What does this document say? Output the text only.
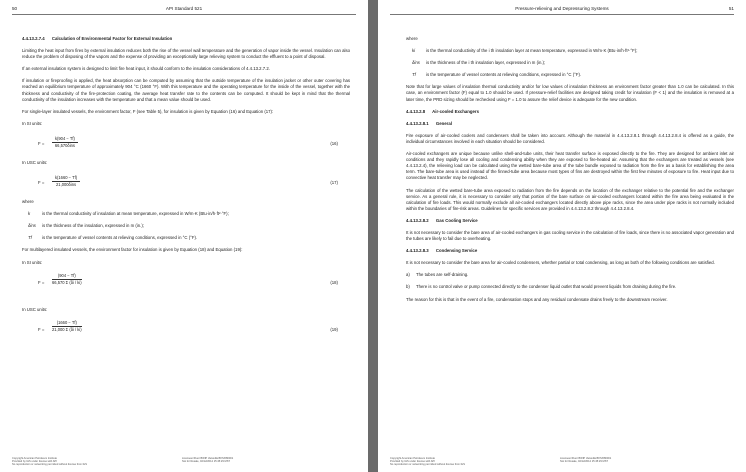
50	API Standard 521
4.4.13.2.7.4 Calculation of Environmental Factor for External Insulation

Limiting the heat input from fires by external insulation reduces both the rise of the vessel wall temperature and the generation of vapor inside the vessel. Insulation can also reduce the problem of disposing of the vapors and the expense of providing an exceptionally large relieving system to conduct the effluent to a point of disposal.

If an external insulation system is designed to limit fire heat input, it should conform to the insulation considerations of 4.4.13.2.7.2.

If insulation or fireproofing is applied, the heat absorption can be computed by assuming that the outside temperature of the insulation jacket or other outer covering has reached an equilibrium temperature of approximately 904 °C (1660 °F). With this temperature and the operating temperature for the inside of the vessel, together with the thickness and conductivity of the fire-protection coating, the average heat transfer rate to the contents can be computed. It should be kept in mind that the thermal conductivity of the insulation increases with the temperature and that a mean value should be used.

For single-layer insulated vessels, the environment factor, F (see Table 5), for insulation is given by Equation (16) and Equation (17):

In SI units:
F =
k(904 − Tf)
66,570δins	(16)
In USC units:
F =
k(1660 − Tf)
21,000δins	(17)
where
k	is the thermal conductivity of insulation at mean temperature, expressed in W/m·K (Btu·in/h·ft²·°F);
δins is the thickness of the insulation, expressed in m (in.);
Tf is the temperature of vessel contents at relieving conditions, expressed in °C (°F).

For multilayered insulated vessels, the environment factor for insulation is given by Equation (18) and Equation (19):

In SI units:
$F = \frac{(904 - Tf)}{66,570 \Sigma (\delta i / ki)}$	(18)
In USC units:
$F = \frac{(1660 - Tf)}{21,000 \Sigma (\delta i / ki)}$	(19)
Copyright American Petroleum Institute
Provided by IHS under license with API
No reproduction or networking permitted without license from IHS
Licensee=Fluor BWIP Vacaville/5972080001
Not for Resale, 02/12/2014 15:45:29 MST
Pressure-relieving and Depressuring Systems	51
where
ki	is the thermal conductivity of the i th insulation layer at mean temperature, expressed in W/m·K (Btu·in/h·ft²·°F);
δins is the thickness of the i th insulation layer, expressed in m (in.);
Tf is the temperature of vessel contents at relieving conditions, expressed in °C (°F).

Note that for large values of insulation thermal conductivity and/or for low values of insulation thickness an environment factor greater than 1.0 can be calculated. In this case, an environment factor (F) equal to 1.0 should be used. If pressure-relief facilities are designed taking credit for insulation (F < 1) and the insulation is removed at a later time, the PRD sizing should be rechecked using F = 1.0 to assure the relief device is adequate for the new condition.

4.4.13.2.8 Air-cooled Exchangers
4.4.13.2.8.1 General

Fire exposure of air-cooled coolers and condensers shall be taken into account. Although the material in 4.4.13.2.8.1 through 4.4.13.2.8.4 is offered as a guide, the individual circumstances involved in each situation should be considered.

Air-cooled exchangers are unique because unlike shell-and-tube units, their heat transfer surface is exposed directly to the fire. They are designed for ambient inlet air conditions and they rapidly lose all cooling and condensing ability when they are exposed to fire-heated air. Assuming that the exchangers are treated as vessels (see 4.4.13.2.4), the relieving load can be calculated using the wetted bare-tube area of the tube bundle exposed to radiation from the fire as a basis for establishing the area term. The bare-tube area is used instead of the finned-tube area because most types of fins are destroyed within the first few minutes of exposure to fire. Heat input due to convective heat transfer may be neglected.

The calculation of the wetted bare-tube area exposed to radiation from the fire depends on the location of the exchanger relative to the potential fire and the exchanger service. As a general rule, it is necessary to consider only that portion of the bare surface on air-cooled exchangers located within the fire area being evaluated in the calculation of fire loads. This would normally exclude all air-cooled exchangers located directly above pipe racks, since the area under pipe racks is not normally included within the boundaries of fire-risk areas. Guidelines for specific services are provided in 4.4.13.2.8.2 through 4.4.13.2.8.4.

4.4.13.2.8.2 Gas Cooling Service

It is not necessary to consider the bare area of air-cooled exchangers in gas cooling service in the calculation of fire loads, since there is no associated vapor generation and the tubes are likely to fail due to overheating.

4.4.13.2.8.3 Condensing Service

It is not necessary to consider the bare area for air-cooled condensers, whether partial or total condensing, as long as both of the following conditions are satisfied.

a) The tubes are self-draining.
b) There is no control valve or pump connected directly to the condenser liquid outlet that would prevent liquids from draining during the fire.

The reason for this is that in the event of a fire, condensation stops and any residual condensate drains freely to the downstream receiver.

Copyright American Petroleum Institute
Provided by IHS under license with API
No reproduction or networking permitted without license from IHS
Licensee=Fluor BWIP Vacaville/5972080001
Not for Resale, 02/12/2014 15:45:29 MST
